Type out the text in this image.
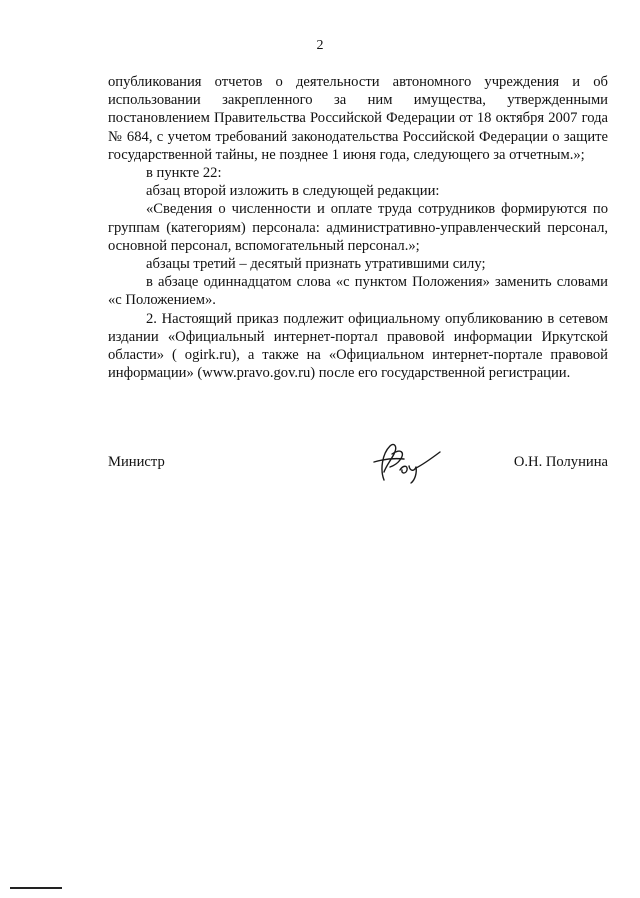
2

опубликования отчетов о деятельности автономного учреждения и об использовании закрепленного за ним имущества, утвержденными постановлением Правительства Российской Федерации от 18 октября 2007 года № 684, с учетом требований законодательства Российской Федерации о защите государственной тайны, не позднее 1 июня года, следующего за отчетным.»;

в пункте 22:

абзац второй изложить в следующей редакции:

«Сведения о численности и оплате труда сотрудников формируются по группам (категориям) персонала: административно-управленческий персонал, основной персонал, вспомогательный персонал.»;

абзацы третий – десятый признать утратившими силу;

в абзаце одиннадцатом слова «с пунктом Положения» заменить словами «с Положением».

2. Настоящий приказ подлежит официальному опубликованию в сетевом издании «Официальный интернет-портал правовой информации Иркутской области» ( ogirk.ru), а также на «Официальном интернет-портале правовой информации» (www.pravo.gov.ru) после его государственной регистрации.

Министр	О.Н. Полунина
